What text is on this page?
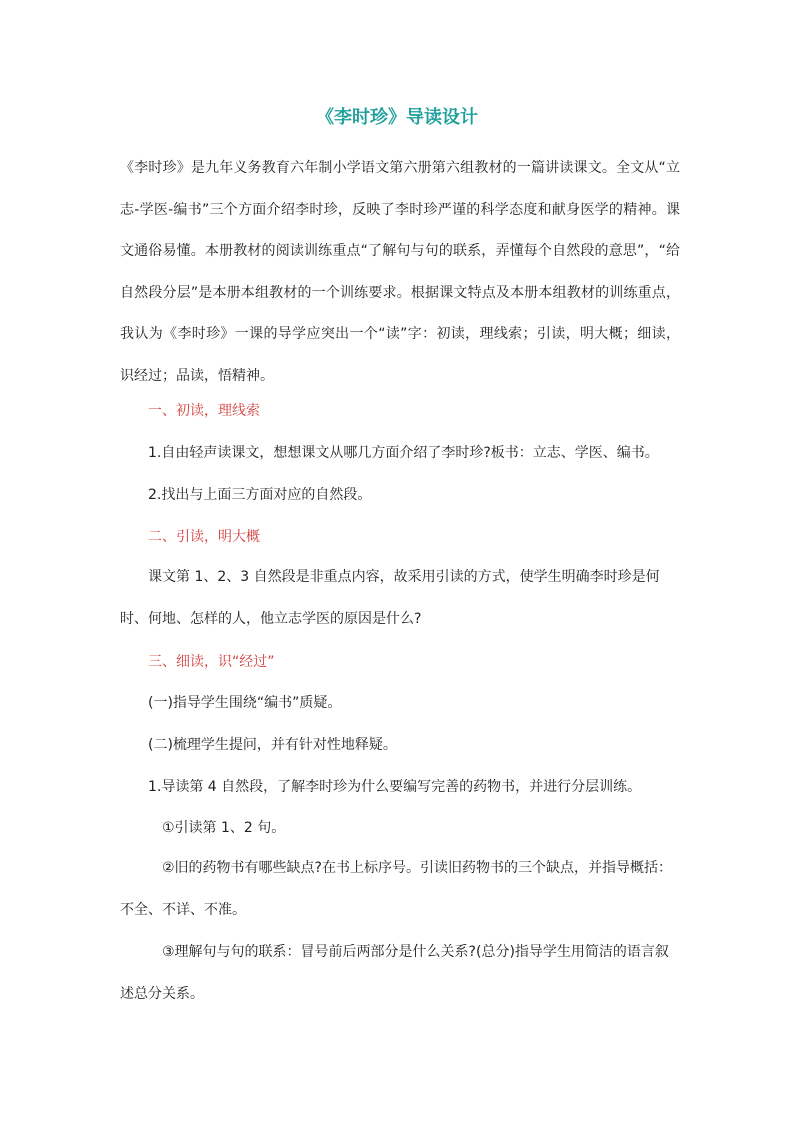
《李时珍》导读设计
《李时珍》是九年义务教育六年制小学语文第六册第六组教材的一篇讲读课文。全文从“立志-学医-编书”三个方面介绍李时珍，反映了李时珍严谨的科学态度和献身医学的精神。课文通俗易懂。本册教材的阅读训练重点“了解句与句的联系，弄懂每个自然段的意思”，“给自然段分层”是本册本组教材的一个训练要求。根据课文特点及本册本组教材的训练重点，我认为《李时珍》一课的导学应突出一个“读”字：初读，理线索；引读，明大概；细读，识经过；品读，悟精神。
一、初读，理线索
1.自由轻声读课文，想想课文从哪几方面介绍了李时珍?板书：立志、学医、编书。
2.找出与上面三方面对应的自然段。
二、引读，明大概
课文第 1、2、3 自然段是非重点内容，故采用引读的方式，使学生明确李时珍是何时、何地、怎样的人，他立志学医的原因是什么?
三、细读，识“经过”
(一)指导学生围绕“编书”质疑。
(二)梳理学生提问，并有针对性地释疑。
1.导读第 4 自然段，了解李时珍为什么要编写完善的药物书，并进行分层训练。
①引读第 1、2 句。
②旧的药物书有哪些缺点?在书上标序号。引读旧药物书的三个缺点，并指导概括：不全、不详、不准。
③理解句与句的联系：冒号前后两部分是什么关系?(总分)指导学生用简洁的语言叙述总分关系。
